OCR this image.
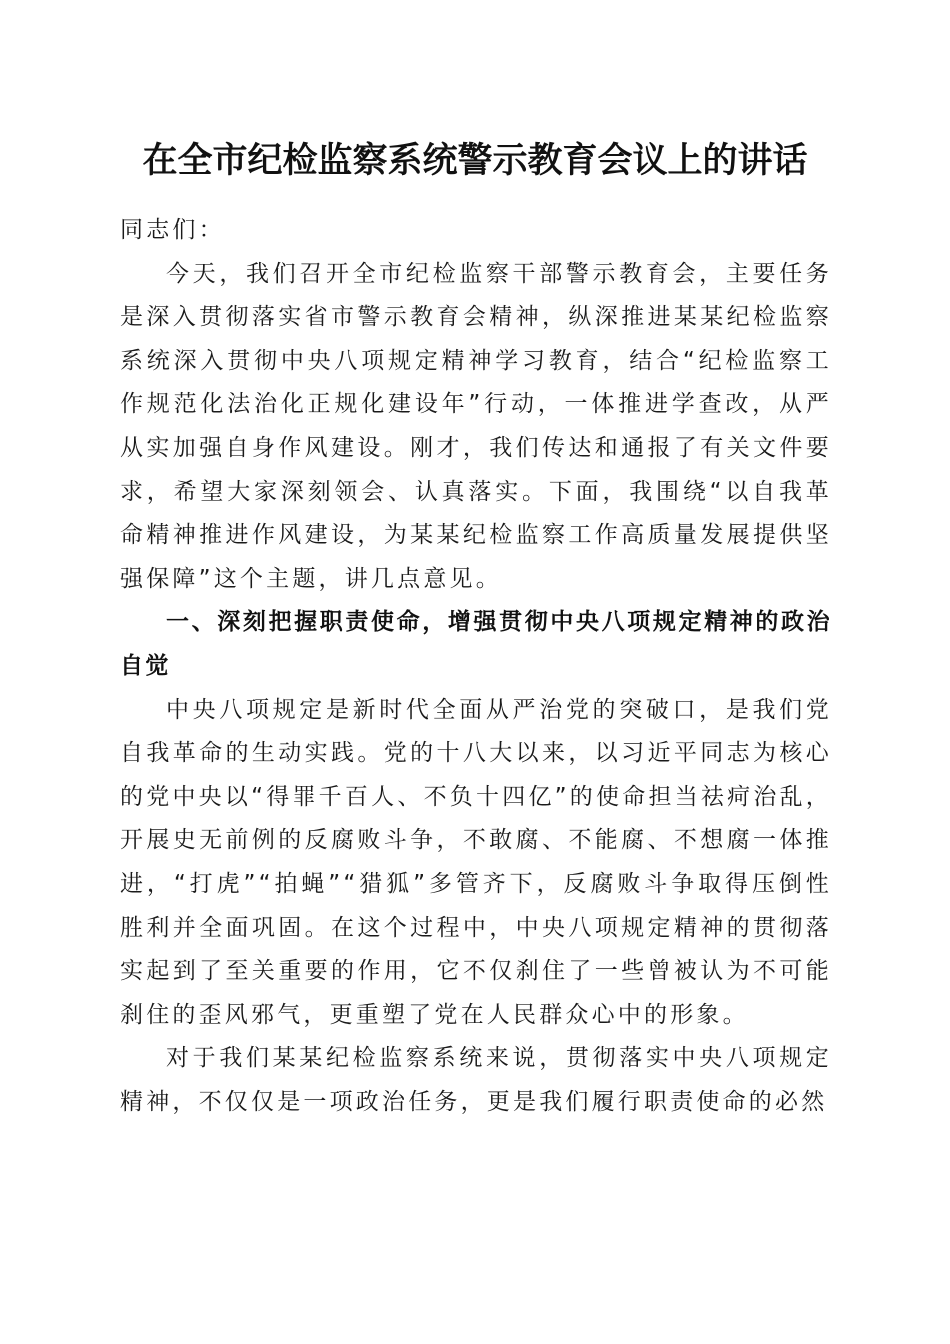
在全市纪检监察系统警示教育会议上的讲话

同志们：

今天，我们召开全市纪检监察干部警示教育会，主要任务是深入贯彻落实省市警示教育会精神，纵深推进某某纪检监察系统深入贯彻中央八项规定精神学习教育，结合“纪检监察工作规范化法治化正规化建设年”行动，一体推进学查改，从严从实加强自身作风建设。刚才，我们传达和通报了有关文件要求，希望大家深刻领会、认真落实。下面，我围绕“以自我革命精神推进作风建设，为某某纪检监察工作高质量发展提供坚强保障”这个主题，讲几点意见。

一、深刻把握职责使命，增强贯彻中央八项规定精神的政治自觉

中央八项规定是新时代全面从严治党的突破口，是我们党自我革命的生动实践。党的十八大以来，以习近平同志为核心的党中央以“得罪千百人、不负十四亿”的使命担当祛疴治乱，开展史无前例的反腐败斗争，不敢腐、不能腐、不想腐一体推进，“打虎”“拍蝇”“猎狐”多管齐下，反腐败斗争取得压倒性胜利并全面巩固。在这个过程中，中央八项规定精神的贯彻落实起到了至关重要的作用，它不仅刹住了一些曾被认为不可能刹住的歪风邪气，更重塑了党在人民群众心中的形象。

对于我们某某纪检监察系统来说，贯彻落实中央八项规定精神，不仅仅是一项政治任务，更是我们履行职责使命的必然
